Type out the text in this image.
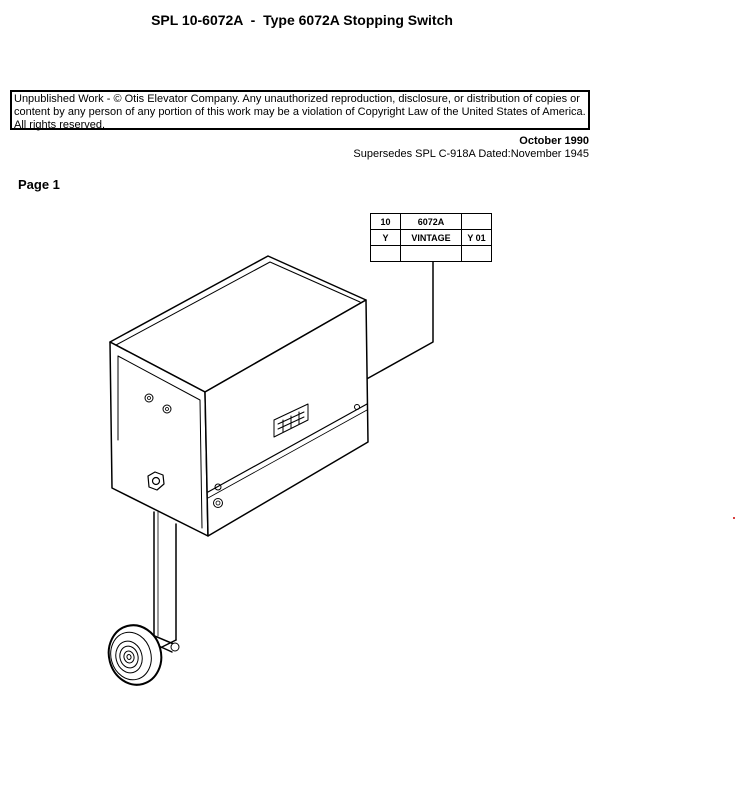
SPL 10-6072A  -  Type 6072A Stopping Switch
Unpublished Work - © Otis Elevator Company. Any unauthorized reproduction, disclosure, or distribution of copies or content by any person of any portion of this work may be a violation of Copyright Law of the United States of America. All rights reserved.
October 1990
Supersedes SPL C-918A Dated:November 1945
Page 1
10	6072A	
Y	VINTAGE	Y 01
